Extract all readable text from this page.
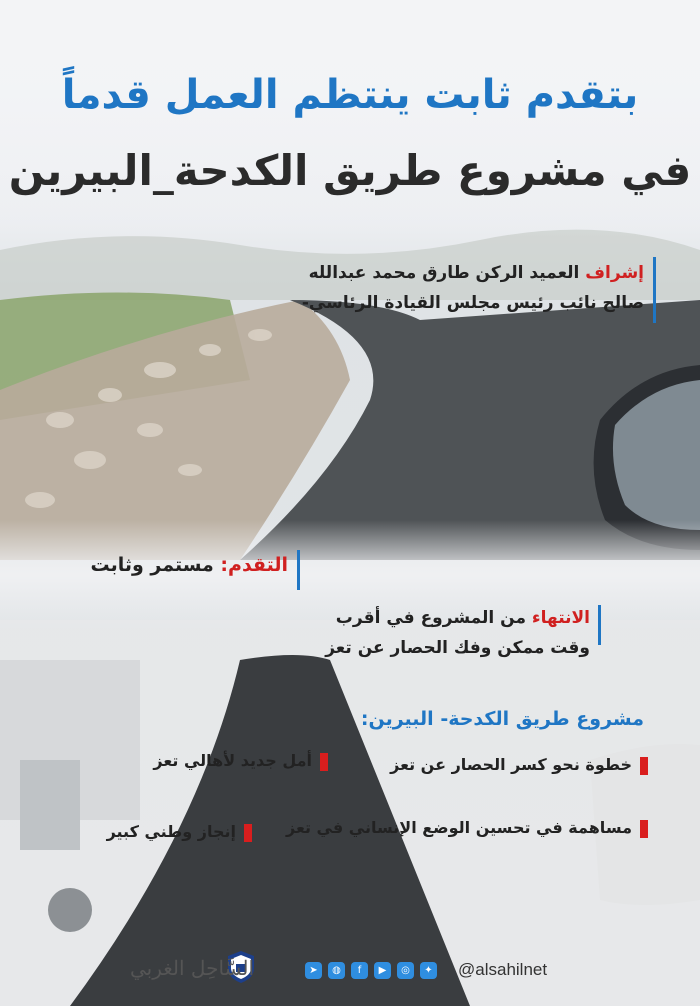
بتقدم ثابت ينتظم العمل قدماً
في مشروع طريق الكدحة_البيرين
إشراف العميد الركن طارق محمد عبدالله
صالح نائب رئيس مجلس القيادة الرئاسي-
التقدم: مستمر وثابت
الانتهاء من المشروع في أقرب
وقت ممكن وفك الحصار عن تعز
مشروع طريق الكدحة- البيرين:
خطوة نحو كسر الحصار عن تعز
أمل جديد لأهالي تعز
مساهمة في تحسين الوضع الإنساني في تعز
إنجاز وطني كبير
➤	◍	f	▶	◎	✦ @alsahilnet
السَّاحِل الغربي
